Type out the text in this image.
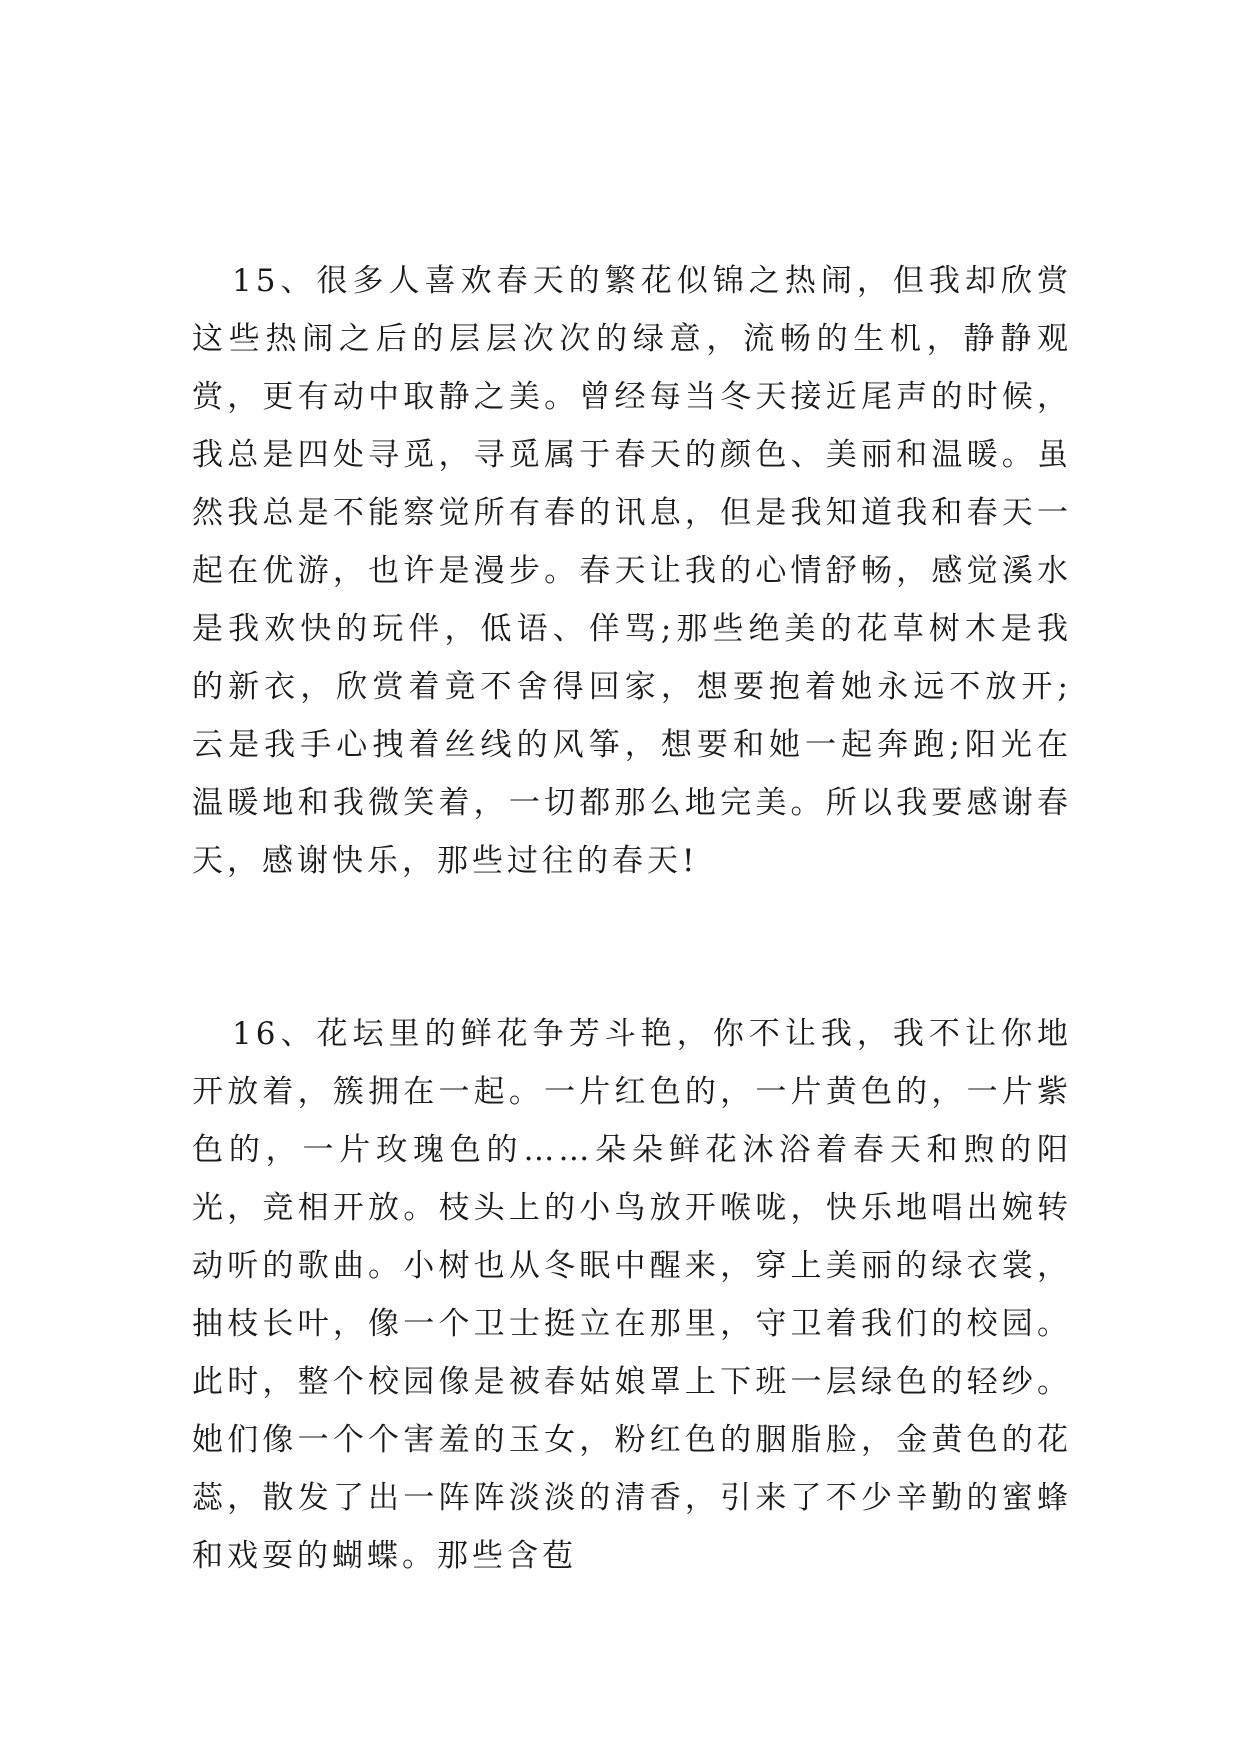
15、很多人喜欢春天的繁花似锦之热闹，但我却欣赏这些热闹之后的层层次次的绿意，流畅的生机，静静观赏，更有动中取静之美。曾经每当冬天接近尾声的时候，我总是四处寻觅，寻觅属于春天的颜色、美丽和温暖。虽然我总是不能察觉所有春的讯息，但是我知道我和春天一起在优游，也许是漫步。春天让我的心情舒畅，感觉溪水是我欢快的玩伴，低语、佯骂;那些绝美的花草树木是我的新衣，欣赏着竟不舍得回家，想要抱着她永远不放开;云是我手心拽着丝线的风筝，想要和她一起奔跑;阳光在温暖地和我微笑着，一切都那么地完美。所以我要感谢春天，感谢快乐，那些过往的春天!

16、花坛里的鲜花争芳斗艳，你不让我，我不让你地开放着，簇拥在一起。一片红色的，一片黄色的，一片紫色的，一片玫瑰色的……朵朵鲜花沐浴着春天和煦的阳光，竞相开放。枝头上的小鸟放开喉咙，快乐地唱出婉转动听的歌曲。小树也从冬眠中醒来，穿上美丽的绿衣裳，抽枝长叶，像一个卫士挺立在那里，守卫着我们的校园。此时，整个校园像是被春姑娘罩上下班一层绿色的轻纱。她们像一个个害羞的玉女，粉红色的胭脂脸，金黄色的花蕊，散发了出一阵阵淡淡的清香，引来了不少辛勤的蜜蜂和戏耍的蝴蝶。那些含苞
